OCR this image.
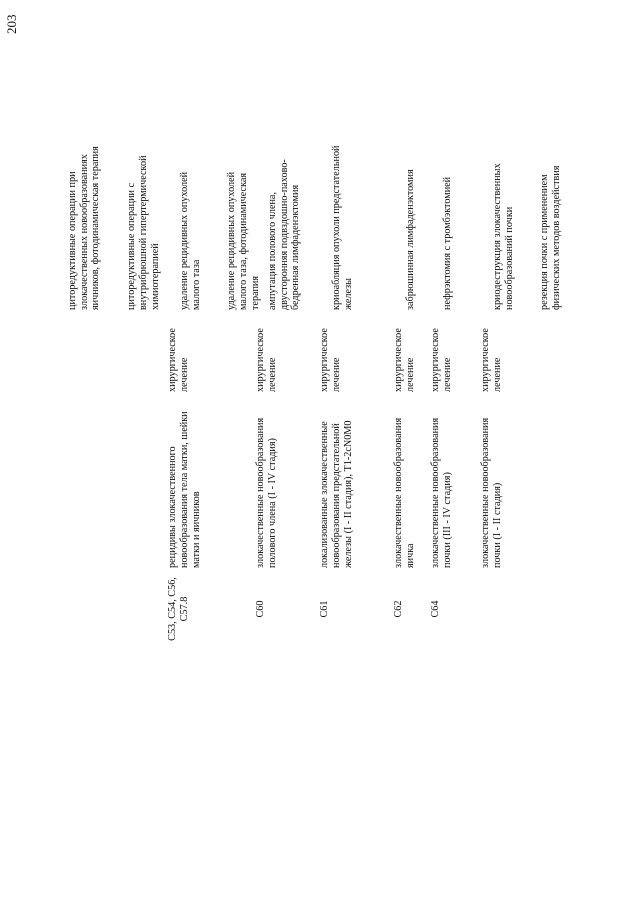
203

циторедуктивные операции при злокачественных новообразованиях яичников, фотодинамическая терапия циторедуктивные операции с внутрибрюшной гипертермической химиотерапией

C53, C54, C56, C57.8
рецидивы злокачественного новообразования тела матки, шейки матки и яичников
хирургическое лечение

удаление рецидивных опухолей малого таза удаление рецидивных опухолей малого таза, фотодинамическая терапия

C60
злокачественные новообразования полового члена (I - IV стадия)
хирургическое лечение

ампутация полового члена, двусторонняя подвздошно-пахово-бедренная лимфаденэктомия

C61
локализованные злокачественные новообразования предстательной железы (I - II стадия), T1-2cN0M0
хирургическое лечение

криоабляция опухоли предстательной железы

C62
злокачественные новообразования яичка
хирургическое лечение

забрюшинная лимфаденэктомия

C64
злокачественные новообразования почки (III - IV стадия)
хирургическое лечение

нефрэктомия с тромбэктомией

злокачественные новообразования почки (I - II стадия)
хирургическое лечение

криодеструкция злокачественных новообразований почки резекция почки с применением физических методов воздействия
